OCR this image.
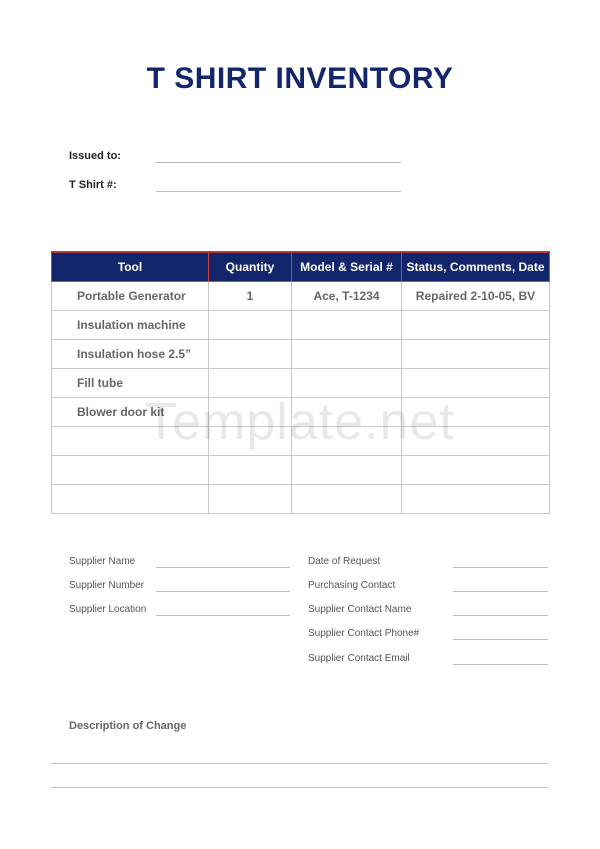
T SHIRT INVENTORY
Issued to:
T Shirt #:
Tool	Quantity	Model & Serial #	Status, Comments, Date
Portable Generator	1	Ace, T-1234	Repaired 2-10-05, BV
Insulation machine			
Insulation hose 2.5”			
Fill tube			
Blower door kit			

Template.net
Supplier Name
Supplier Number
Supplier Location
Date of Request
Purchasing Contact
Supplier Contact Name
Supplier Contact Phone#
Supplier Contact Email
Description of Change
